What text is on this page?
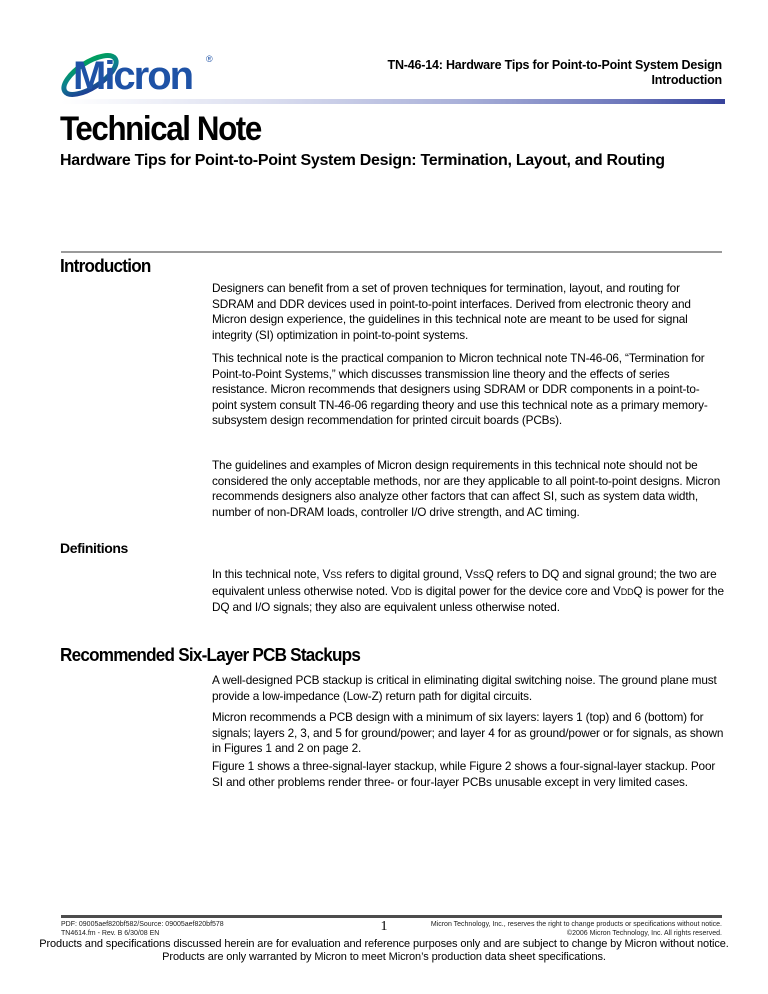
Micron ®	TN-46-14: Hardware Tips for Point-to-Point System Design
Introduction
Technical Note
Hardware Tips for Point-to-Point System Design: Termination, Layout, and Routing
Introduction
Designers can benefit from a set of proven techniques for termination, layout, and routing for SDRAM and DDR devices used in point-to-point interfaces. Derived from electronic theory and Micron design experience, the guidelines in this technical note are meant to be used for signal integrity (SI) optimization in point-to-point systems.
This technical note is the practical companion to Micron technical note TN-46-06, “Termination for Point-to-Point Systems,” which discusses transmission line theory and the effects of series resistance. Micron recommends that designers using SDRAM or DDR components in a point-to-point system consult TN-46-06 regarding theory and use this technical note as a primary memory-subsystem design recommendation for printed circuit boards (PCBs).
The guidelines and examples of Micron design requirements in this technical note should not be considered the only acceptable methods, nor are they applicable to all point-to-point designs. Micron recommends designers also analyze other factors that can affect SI, such as system data width, number of non-DRAM loads, controller I/O drive strength, and AC timing.
Definitions
In this technical note, VSS refers to digital ground, VSSQ refers to DQ and signal ground; the two are equivalent unless otherwise noted. VDD is digital power for the device core and VDDQ is power for the DQ and I/O signals; they also are equivalent unless otherwise noted.
Recommended Six-Layer PCB Stackups
A well-designed PCB stackup is critical in eliminating digital switching noise. The ground plane must provide a low-impedance (Low-Z) return path for digital circuits.
Micron recommends a PCB design with a minimum of six layers: layers 1 (top) and 6 (bottom) for signals; layers 2, 3, and 5 for ground/power; and layer 4 for as ground/power or for signals, as shown in Figures 1 and 2 on page 2.
Figure 1 shows a three-signal-layer stackup, while Figure 2 shows a four-signal-layer stackup. Poor SI and other problems render three- or four-layer PCBs unusable except in very limited cases.
PDF: 09005aef820bf582/Source: 09005aef820bf578
TN4614.fm - Rev. B 6/30/08 EN	1	Micron Technology, Inc., reserves the right to change products or specifications without notice.
©2006 Micron Technology, Inc. All rights reserved.
Products and specifications discussed herein are for evaluation and reference purposes only and are subject to change by Micron without notice. Products are only warranted by Micron to meet Micron’s production data sheet specifications.
